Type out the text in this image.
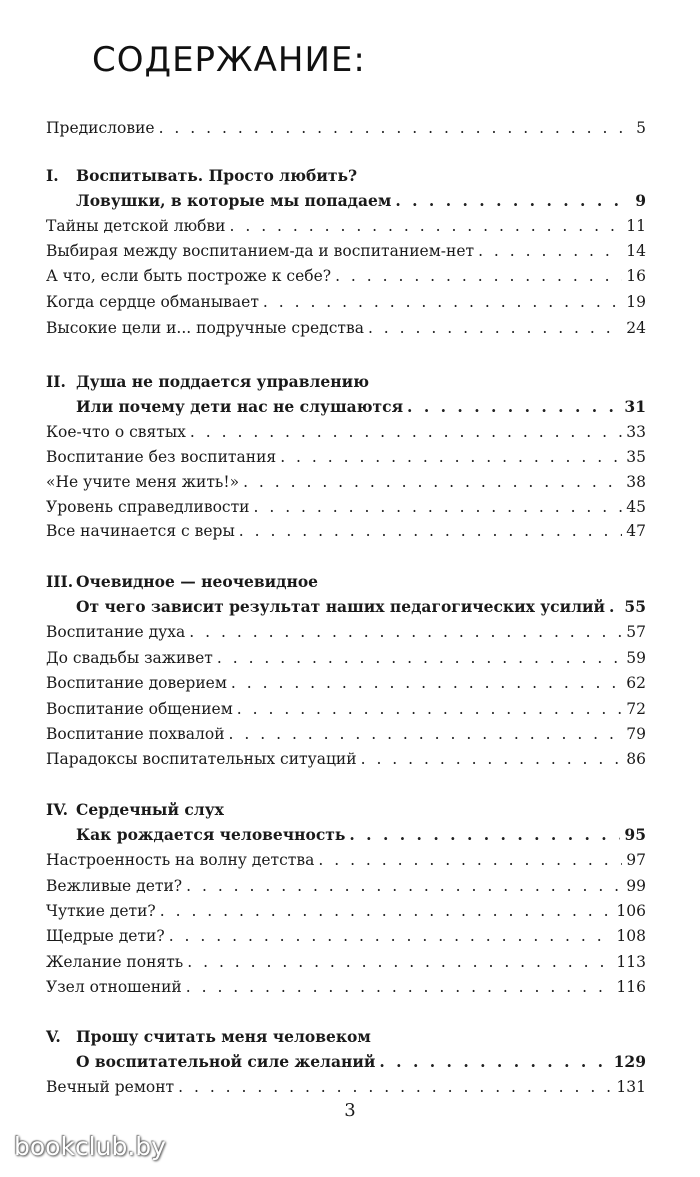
СОДЕРЖАНИЕ:
Предисловие . . .	5
I. Воспитывать. Просто любить?
Ловушки, в которые мы попадаем . . .	9
Тайны детской любви . . .	11
Выбирая между воспитанием-да и воспитанием-нет . . .	14
А что, если быть построже к себе? . . .	16
Когда сердце обманывает . . .	19
Высокие цели и... подручные средства . . .	24
II. Душа не поддается управлению
Или почему дети нас не слушаются . . .	31
Кое-что о святых . . .	33
Воспитание без воспитания . . .	35
«Не учите меня жить!» . . .	38
Уровень справедливости . . .	45
Все начинается с веры . . .	47
III. Очевидное — неочевидное
От чего зависит результат наших педагогических усилий . . . 55
Воспитание духа . . .	57
До свадьбы заживет . . .	59
Воспитание доверием . . .	62
Воспитание общением . . .	72
Воспитание похвалой . . .	79
Парадоксы воспитательных ситуаций . . .	86
IV. Сердечный слух
Как рождается человечность . . .	95
Настроенность на волну детства . . .	97
Вежливые дети? . . .	99
Чуткие дети? . . .	106
Щедрые дети? . . .	108
Желание понять . . .	113
Узел отношений . . .	116
V. Прошу считать меня человеком
О воспитательной силе желаний . . .	129
Вечный ремонт . . .	131
3
bookclub.by
